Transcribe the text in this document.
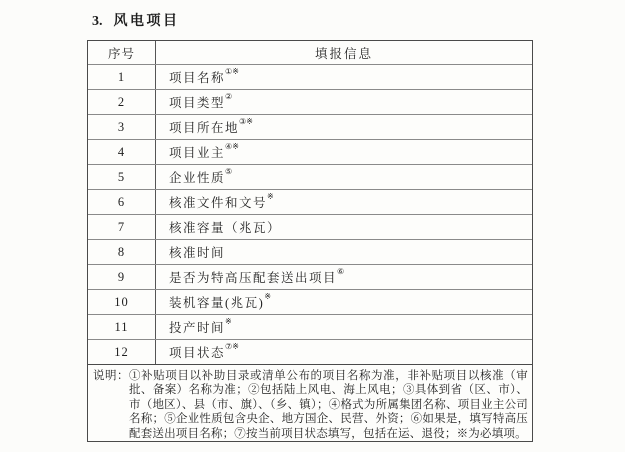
3. 风电项目
序号	填报信息
1	项目名称①※
2	项目类型②
3	项目所在地③※
4	项目业主④※
5	企业性质⑤
6	核准文件和文号※
7	核准容量（兆瓦）
8	核准时间
9	是否为特高压配套送出项目⑥
10	装机容量(兆瓦)※
11	投产时间※
12	项目状态⑦※
说明： ①补贴项目以补助目录或清单公布的项目名称为准，非补贴项目以核准（审批、备案）名称为准；②包括陆上风电、海上风电；③具体到省（区、市）、市（地区）、县（市、旗）、（乡、镇）；④格式为所属集团名称、项目业主公司名称；⑤企业性质包含央企、地方国企、民营、外资；⑥如果是，填写特高压配套送出项目名称；⑦按当前项目状态填写，包括在运、退役；※为必填项。
